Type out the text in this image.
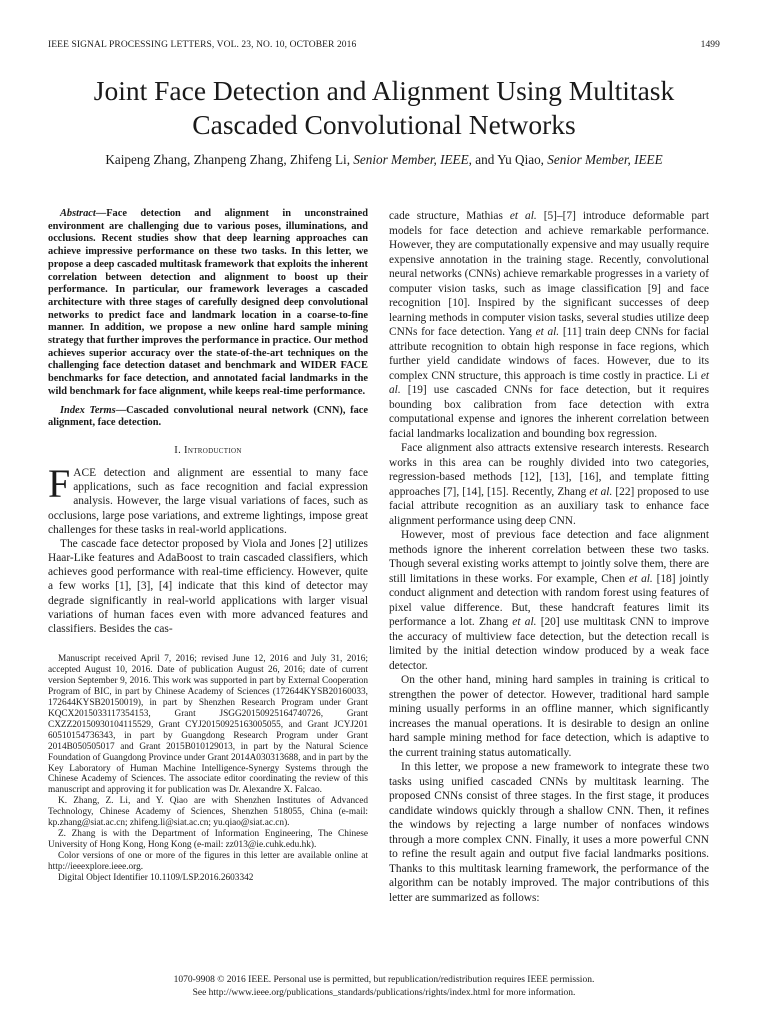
IEEE SIGNAL PROCESSING LETTERS, VOL. 23, NO. 10, OCTOBER 2016	1499
Joint Face Detection and Alignment Using Multitask
Cascaded Convolutional Networks
Kaipeng Zhang, Zhanpeng Zhang, Zhifeng Li, Senior Member, IEEE, and Yu Qiao, Senior Member, IEEE

Abstract—Face detection and alignment in unconstrained environment are challenging due to various poses, illuminations, and occlusions. Recent studies show that deep learning approaches can achieve impressive performance on these two tasks. In this letter, we propose a deep cascaded multitask framework that exploits the inherent correlation between detection and alignment to boost up their performance. In particular, our framework leverages a cascaded architecture with three stages of carefully designed deep convolutional networks to predict face and landmark location in a coarse-to-fine manner. In addition, we propose a new online hard sample mining strategy that further improves the performance in practice. Our method achieves superior accuracy over the state-of-the-art techniques on the challenging face detection dataset and benchmark and WIDER FACE benchmarks for face detection, and annotated facial landmarks in the wild benchmark for face alignment, while keeps real-time performance.

Index Terms—Cascaded convolutional neural network (CNN), face alignment, face detection.

I. Introduction

FACE detection and alignment are essential to many face applications, such as face recognition and facial expression analysis. However, the large visual variations of faces, such as occlusions, large pose variations, and extreme lightings, impose great challenges for these tasks in real-world applications.

The cascade face detector proposed by Viola and Jones [2] utilizes Haar-Like features and AdaBoost to train cascaded classifiers, which achieves good performance with real-time efficiency. However, quite a few works [1], [3], [4] indicate that this kind of detector may degrade significantly in real-world applications with larger visual variations of human faces even with more advanced features and classifiers. Besides the cas-

Manuscript received April 7, 2016; revised June 12, 2016 and July 31, 2016; accepted August 10, 2016. Date of publication August 26, 2016; date of current version September 9, 2016. This work was supported in part by External Cooperation Program of BIC, in part by Chinese Academy of Sciences (172644KYSB20160033, 172644KYSB20150019), in part by Shenzhen Research Program under Grant KQCX2015033117354153, Grant JSGG20150925164740726, Grant CXZZ20150930104115529, Grant CYJ20150925163005055, and Grant JCYJ201 60510154736343, in part by Guangdong Research Program under Grant 2014B050505017 and Grant 2015B010129013, in part by the Natural Science Foundation of Guangdong Province under Grant 2014A030313688, and in part by the Key Laboratory of Human Machine Intelligence-Synergy Systems through the Chinese Academy of Sciences. The associate editor coordinating the review of this manuscript and approving it for publication was Dr. Alexandre X. Falcao.

K. Zhang, Z. Li, and Y. Qiao are with Shenzhen Institutes of Advanced Technology, Chinese Academy of Sciences, Shenzhen 518055, China (e-mail: kp.zhang@siat.ac.cn; zhifeng.li@siat.ac.cn; yu.qiao@siat.ac.cn).

Z. Zhang is with the Department of Information Engineering, The Chinese University of Hong Kong, Hong Kong (e-mail: zz013@ie.cuhk.edu.hk).

Color versions of one or more of the figures in this letter are available online at http://ieeexplore.ieee.org.

Digital Object Identifier 10.1109/LSP.2016.2603342

cade structure, Mathias et al. [5]–[7] introduce deformable part models for face detection and achieve remarkable performance. However, they are computationally expensive and may usually require expensive annotation in the training stage. Recently, convolutional neural networks (CNNs) achieve remarkable progresses in a variety of computer vision tasks, such as image classification [9] and face recognition [10]. Inspired by the significant successes of deep learning methods in computer vision tasks, several studies utilize deep CNNs for face detection. Yang et al. [11] train deep CNNs for facial attribute recognition to obtain high response in face regions, which further yield candidate windows of faces. However, due to its complex CNN structure, this approach is time costly in practice. Li et al. [19] use cascaded CNNs for face detection, but it requires bounding box calibration from face detection with extra computational expense and ignores the inherent correlation between facial landmarks localization and bounding box regression.

Face alignment also attracts extensive research interests. Research works in this area can be roughly divided into two categories, regression-based methods [12], [13], [16], and template fitting approaches [7], [14], [15]. Recently, Zhang et al. [22] proposed to use facial attribute recognition as an auxiliary task to enhance face alignment performance using deep CNN.

However, most of previous face detection and face alignment methods ignore the inherent correlation between these two tasks. Though several existing works attempt to jointly solve them, there are still limitations in these works. For example, Chen et al. [18] jointly conduct alignment and detection with random forest using features of pixel value difference. But, these handcraft features limit its performance a lot. Zhang et al. [20] use multitask CNN to improve the accuracy of multiview face detection, but the detection recall is limited by the initial detection window produced by a weak face detector.

On the other hand, mining hard samples in training is critical to strengthen the power of detector. However, traditional hard sample mining usually performs in an offline manner, which significantly increases the manual operations. It is desirable to design an online hard sample mining method for face detection, which is adaptive to the current training status automatically.

In this letter, we propose a new framework to integrate these two tasks using unified cascaded CNNs by multitask learning. The proposed CNNs consist of three stages. In the first stage, it produces candidate windows quickly through a shallow CNN. Then, it refines the windows by rejecting a large number of nonfaces windows through a more complex CNN. Finally, it uses a more powerful CNN to refine the result again and output five facial landmarks positions. Thanks to this multitask learning framework, the performance of the algorithm can be notably improved. The major contributions of this letter are summarized as follows:

1070-9908 © 2016 IEEE. Personal use is permitted, but republication/redistribution requires IEEE permission.
See http://www.ieee.org/publications_standards/publications/rights/index.html for more information.
